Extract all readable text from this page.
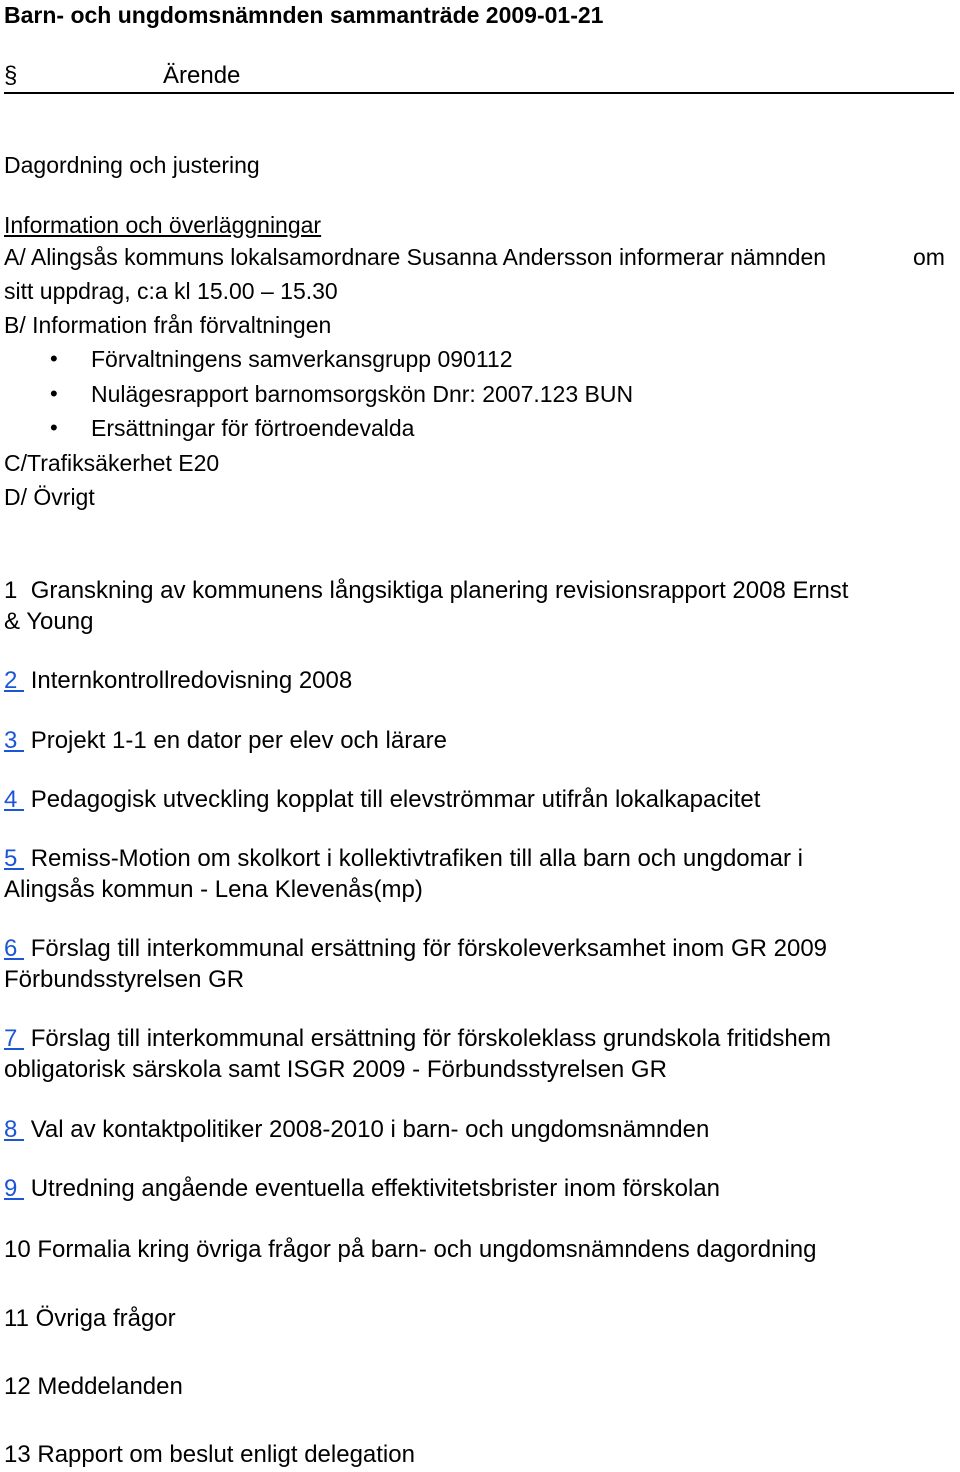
Barn- och ungdomsnämnden sammanträde 2009-01-21
§	Ärende
Dagordning och justering
Information och överläggningar
A/ Alingsås kommuns lokalsamordnare Susanna Andersson informerar nämnden	om
sitt uppdrag, c:a kl 15.00 – 15.30
B/ Information från förvaltningen
• Förvaltningens samverkansgrupp 090112
• Nulägesrapport barnomsorgskön Dnr: 2007.123 BUN
• Ersättningar för förtroendevalda
C/Trafiksäkerhet E20
D/ Övrigt
1 Granskning av kommunens långsiktiga planering revisionsrapport 2008 Ernst
& Young
2  Internkontrollredovisning 2008
3  Projekt 1-1 en dator per elev och lärare
4  Pedagogisk utveckling kopplat till elevströmmar utifrån lokalkapacitet
5  Remiss-Motion om skolkort i kollektivtrafiken till alla barn och ungdomar i
Alingsås kommun - Lena Klevenås(mp)
6  Förslag till interkommunal ersättning för förskoleverksamhet inom GR 2009
Förbundsstyrelsen GR
7  Förslag till interkommunal ersättning för förskoleklass grundskola fritidshem
obligatorisk särskola samt ISGR 2009 - Förbundsstyrelsen GR
8  Val av kontaktpolitiker 2008-2010 i barn- och ungdomsnämnden
9  Utredning angående eventuella effektivitetsbrister inom förskolan
10 Formalia kring övriga frågor på barn- och ungdomsnämndens dagordning
11 Övriga frågor
12 Meddelanden
13 Rapport om beslut enligt delegation
